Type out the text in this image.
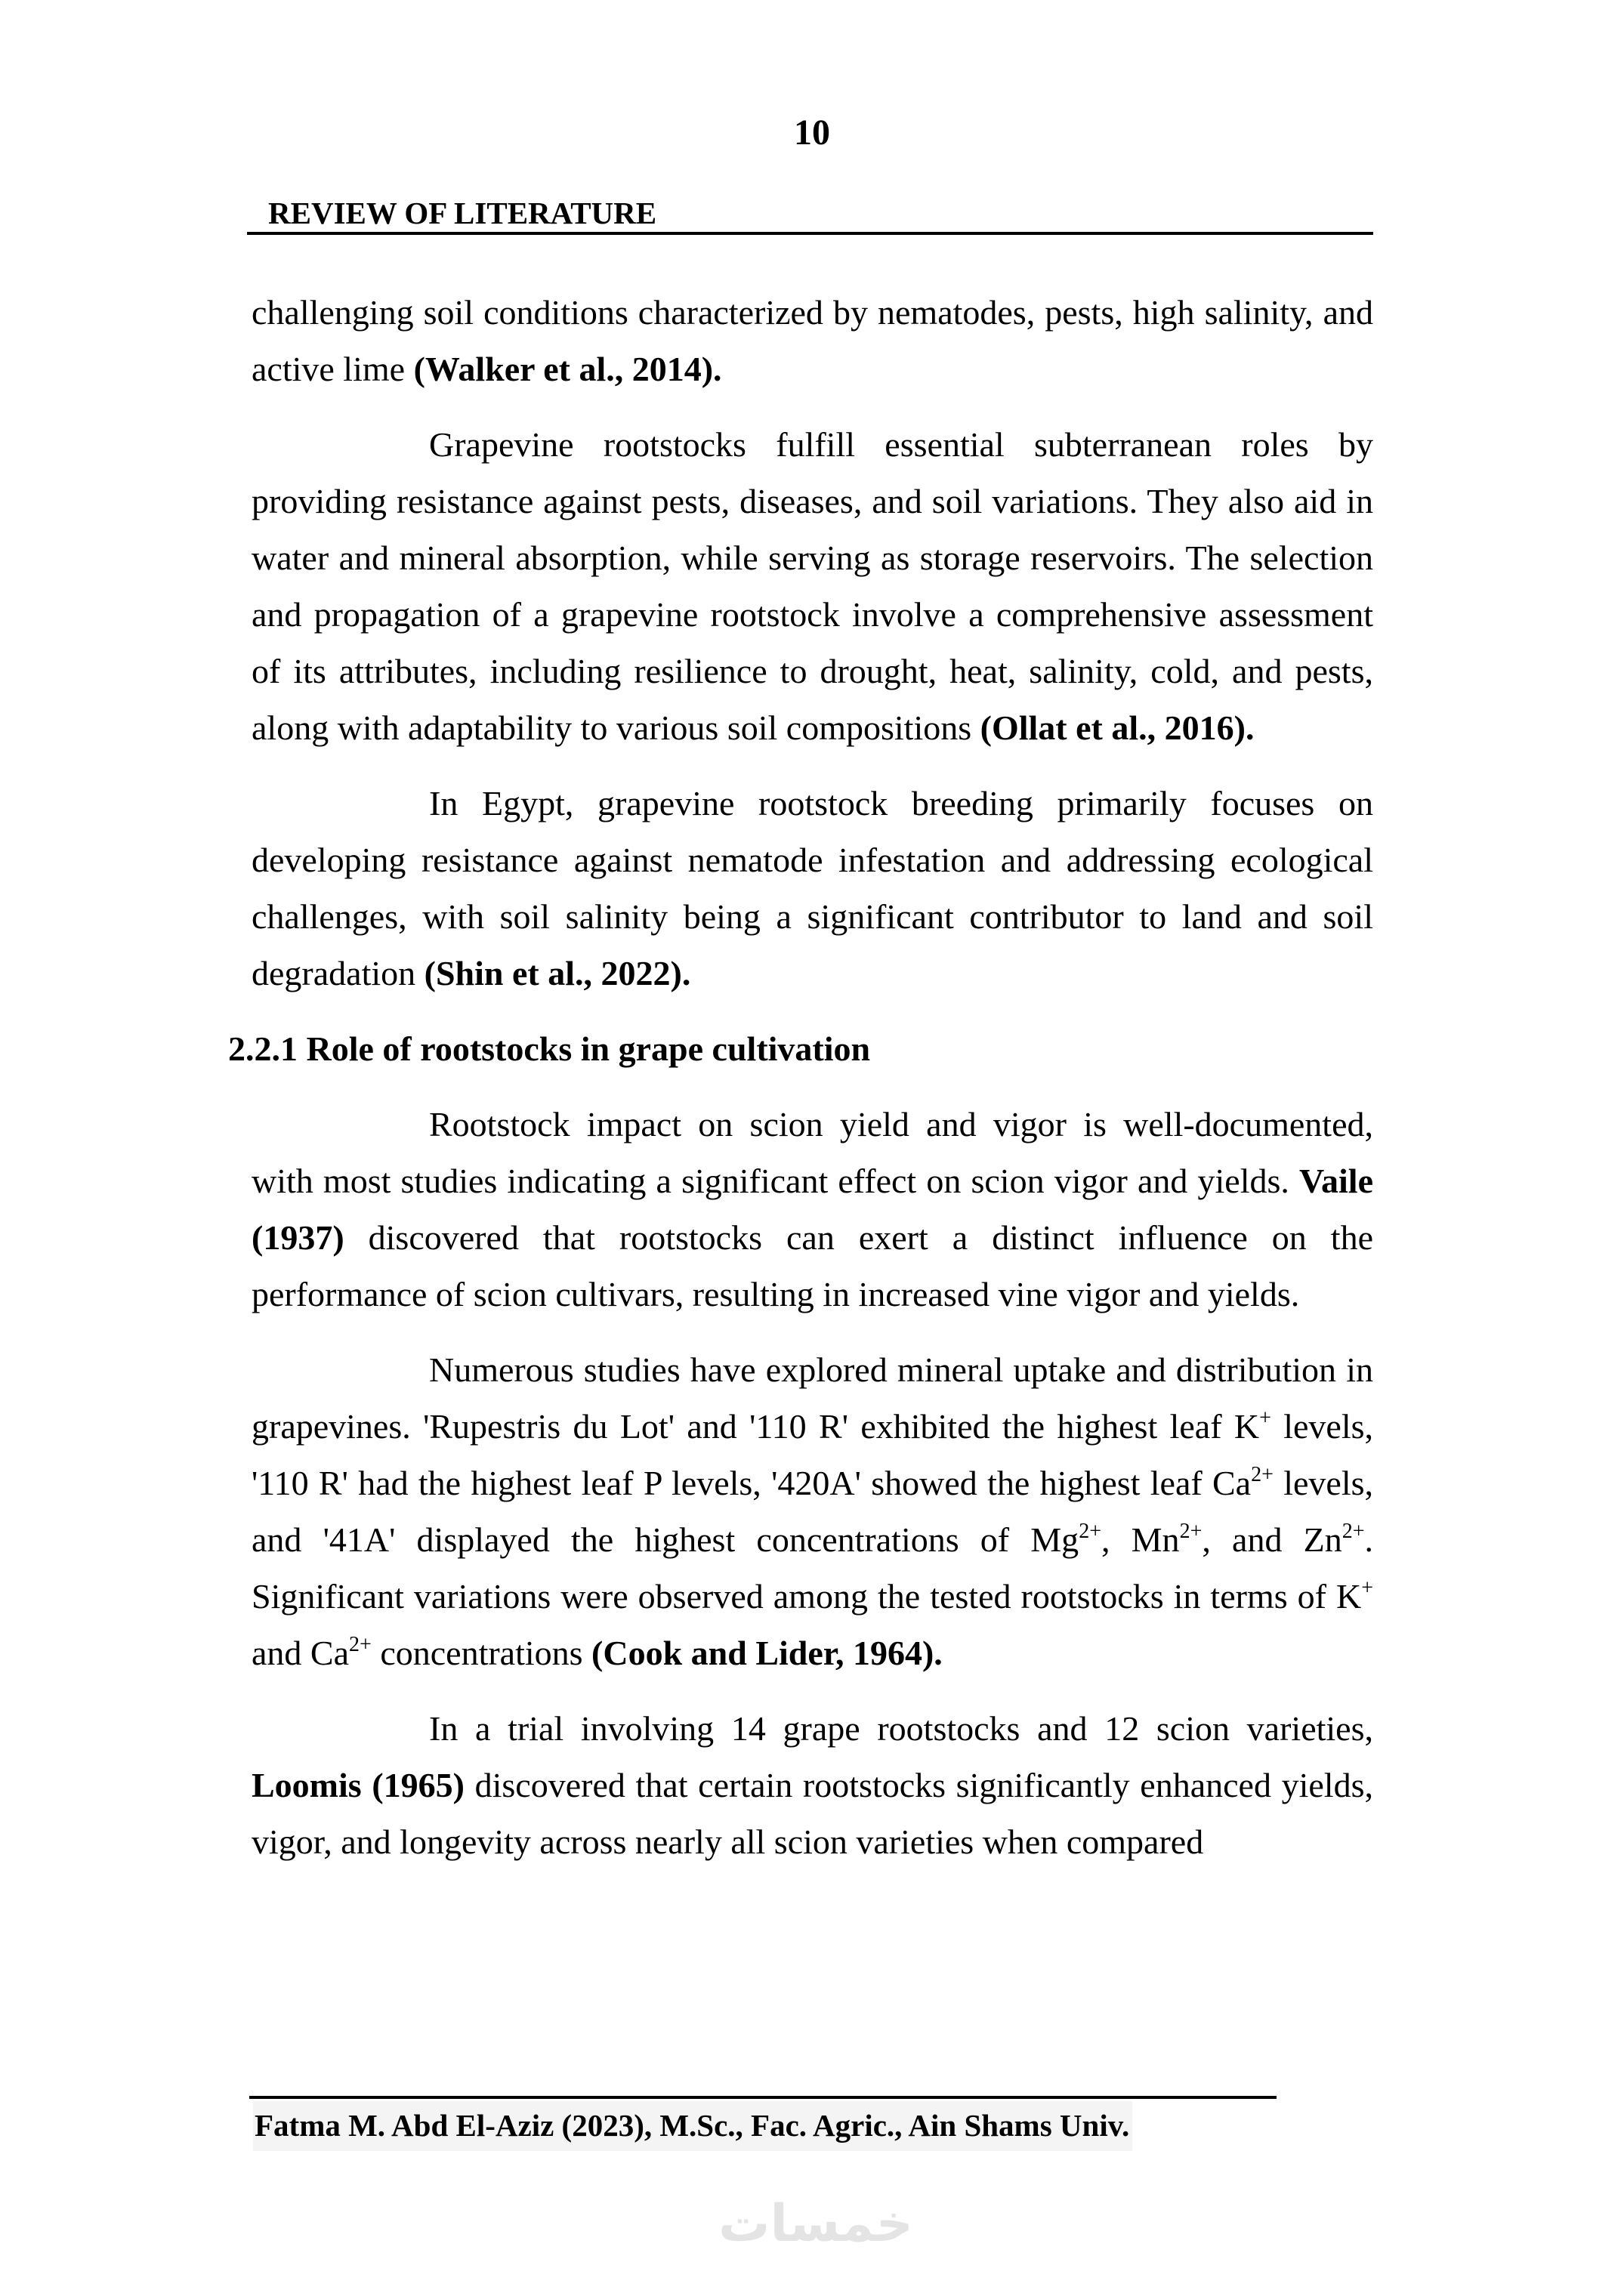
10
REVIEW OF LITERATURE

challenging soil conditions characterized by nematodes, pests, high salinity, and active lime (Walker et al., 2014).

Grapevine rootstocks fulfill essential subterranean roles by providing resistance against pests, diseases, and soil variations. They also aid in water and mineral absorption, while serving as storage reservoirs. The selection and propagation of a grapevine rootstock involve a comprehensive assessment of its attributes, including resilience to drought, heat, salinity, cold, and pests, along with adaptability to various soil compositions (Ollat et al., 2016).

In Egypt, grapevine rootstock breeding primarily focuses on developing resistance against nematode infestation and addressing ecological challenges, with soil salinity being a significant contributor to land and soil degradation (Shin et al., 2022).

2.2.1 Role of rootstocks in grape cultivation

Rootstock impact on scion yield and vigor is well-documented, with most studies indicating a significant effect on scion vigor and yields. Vaile (1937) discovered that rootstocks can exert a distinct influence on the performance of scion cultivars, resulting in increased vine vigor and yields.

Numerous studies have explored mineral uptake and distribution in grapevines. 'Rupestris du Lot' and '110 R' exhibited the highest leaf K+ levels, '110 R' had the highest leaf P levels, '420A' showed the highest leaf $Ca^{2+}$ levels, and '41A' displayed the highest concentrations of $Mg^{2+}$, $Mn^{2+}$, and $Zn^{2+}$. Significant variations were observed among the tested rootstocks in terms of K+ and $Ca^{2+}$ concentrations (Cook and Lider, 1964).

In a trial involving 14 grape rootstocks and 12 scion varieties, Loomis (1965) discovered that certain rootstocks significantly enhanced yields, vigor, and longevity across nearly all scion varieties when compared

Fatma M. Abd El-Aziz (2023), M.Sc., Fac. Agric., Ain Shams Univ.
خمسات
